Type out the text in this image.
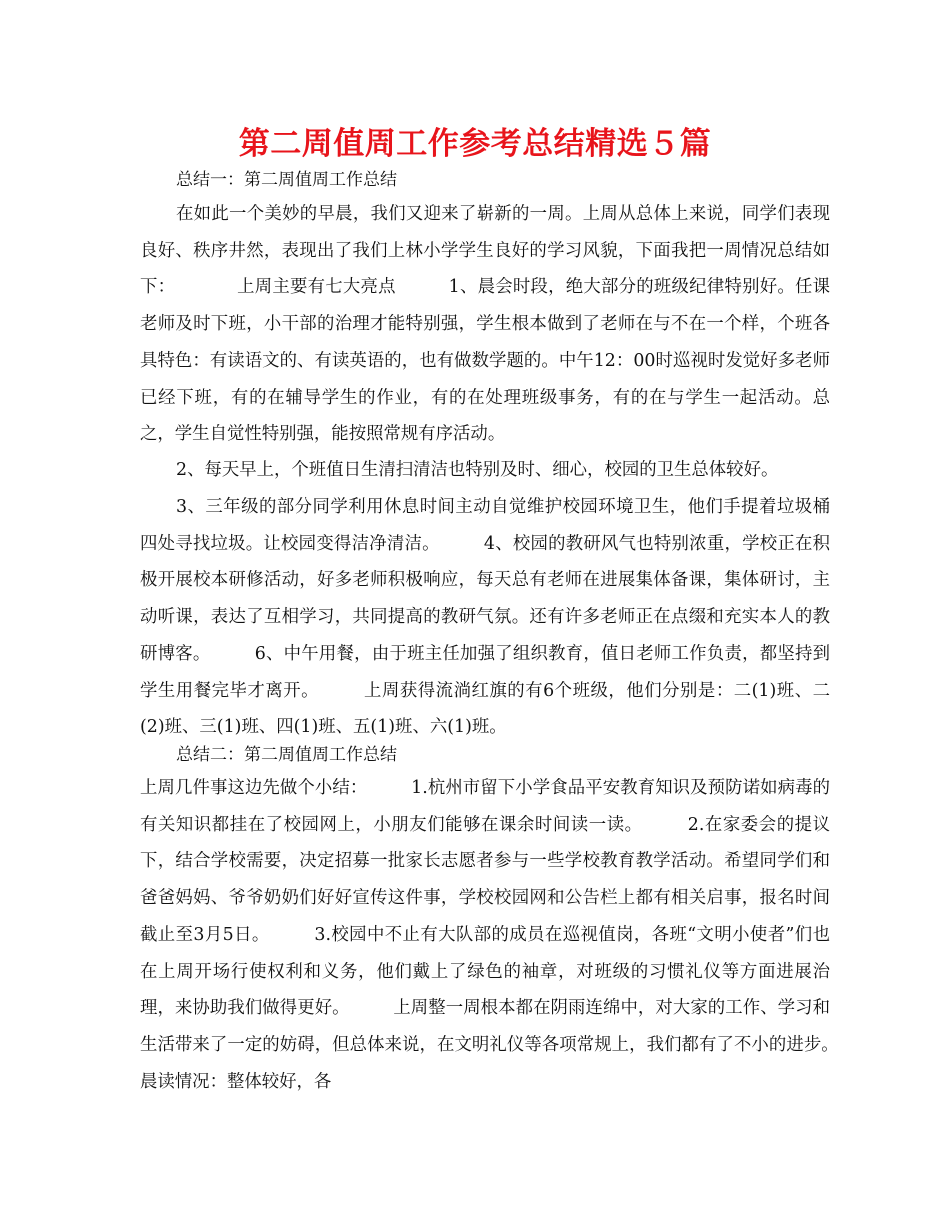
第二周值周工作参考总结精选５篇
总结一：第二周值周工作总结
在如此一个美妙的早晨，我们又迎来了崭新的一周。上周从总体上来说，同学们表现良好、秩序井然，表现出了我们上林小学学生良好的学习风貌，下面我把一周情况总结如下：　　　　上周主要有七大亮点　　　1、晨会时段，绝大部分的班级纪律特别好。任课老师及时下班，小干部的治理才能特别强，学生根本做到了老师在与不在一个样，个班各具特色：有读语文的、有读英语的，也有做数学题的。中午12：00时巡视时发觉好多老师已经下班，有的在辅导学生的作业，有的在处理班级事务，有的在与学生一起活动。总之，学生自觉性特别强，能按照常规有序活动。
2、每天早上，个班值日生清扫清洁也特别及时、细心，校园的卫生总体较好。
3、三年级的部分同学利用休息时间主动自觉维护校园环境卫生，他们手提着垃圾桶四处寻找垃圾。让校园变得洁净清洁。　　　4、校园的教研风气也特别浓重，学校正在积极开展校本研修活动，好多老师积极响应，每天总有老师在进展集体备课，集体研讨，主动听课，表达了互相学习，共同提高的教研气氛。还有许多老师正在点缀和充实本人的教研博客。　　　6、中午用餐，由于班主任加强了组织教育，值日老师工作负责，都坚持到学生用餐完毕才离开。　　　上周获得流淌红旗的有6个班级，他们分别是：二(1)班、二(2)班、三(1)班、四(1)班、五(1)班、六(1)班。
总结二：第二周值周工作总结
上周几件事这边先做个小结：　　　1.杭州市留下小学食品平安教育知识及预防诺如病毒的有关知识都挂在了校园网上，小朋友们能够在课余时间读一读。　　　2.在家委会的提议下，结合学校需要，决定招募一批家长志愿者参与一些学校教育教学活动。希望同学们和爸爸妈妈、爷爷奶奶们好好宣传这件事，学校校园网和公告栏上都有相关启事，报名时间截止至3月5日。　　　3.校园中不止有大队部的成员在巡视值岗，各班“文明小使者”们也在上周开场行使权利和义务，他们戴上了绿色的袖章，对班级的习惯礼仪等方面进展治理，来协助我们做得更好。　　　上周整一周根本都在阴雨连绵中，对大家的工作、学习和生活带来了一定的妨碍，但总体来说，在文明礼仪等各项常规上，我们都有了不小的进步。　　　晨读情况：整体较好，各
